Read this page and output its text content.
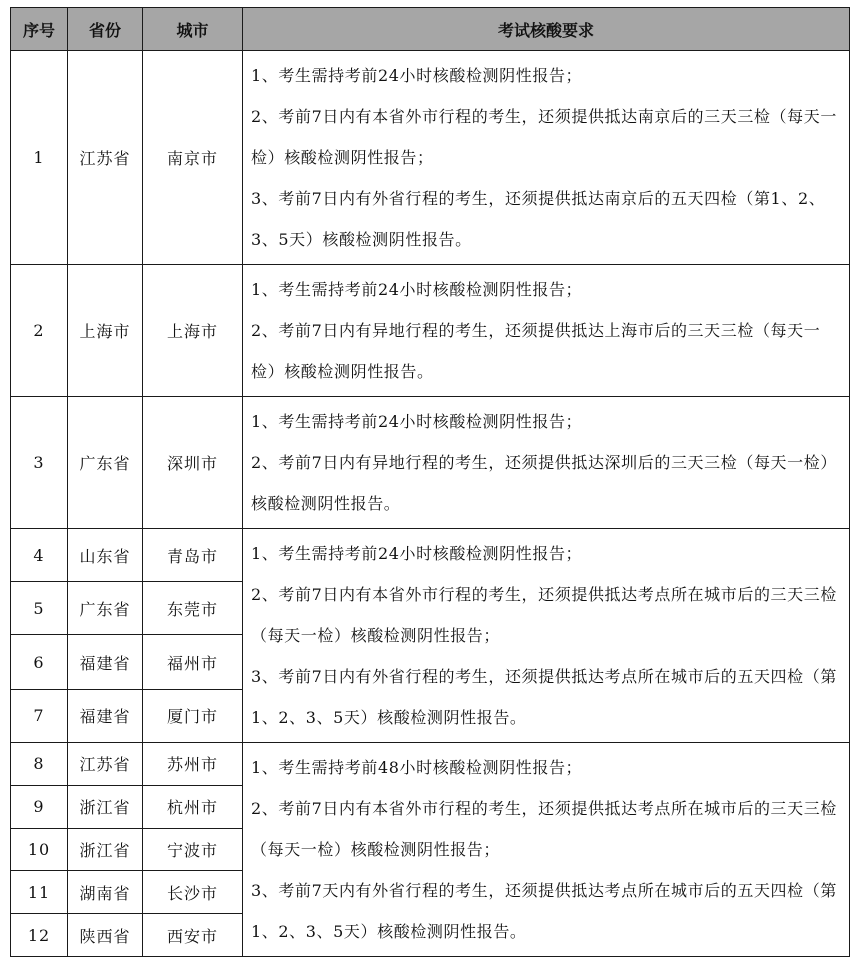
序号	省份	城市	考试核酸要求
1	江苏省	南京市	1、考生需持考前24小时核酸检测阴性报告；

2、考前7日内有本省外市行程的考生，还须提供抵达南京后的三天三检（每天一检）核酸检测阴性报告；

3、考前7日内有外省行程的考生，还须提供抵达南京后的五天四检（第1、2、3、5天）核酸检测阴性报告。

2	上海市	上海市	1、考生需持考前24小时核酸检测阴性报告；

2、考前7日内有异地行程的考生，还须提供抵达上海市后的三天三检（每天一检）核酸检测阴性报告。

3	广东省	深圳市	1、考生需持考前24小时核酸检测阴性报告；

2、考前7日内有异地行程的考生，还须提供抵达深圳后的三天三检（每天一检）核酸检测阴性报告。

4	山东省	青岛市	1、考生需持考前24小时核酸检测阴性报告；

2、考前7日内有本省外市行程的考生，还须提供抵达考点所在城市后的三天三检（每天一检）核酸检测阴性报告；

3、考前7日内有外省行程的考生，还须提供抵达考点所在城市后的五天四检（第1、2、3、5天）核酸检测阴性报告。

5	广东省	东莞市	
6	福建省	福州市	
7	福建省	厦门市	
8	江苏省	苏州市	1、考生需持考前48小时核酸检测阴性报告；

2、考前7日内有本省外市行程的考生，还须提供抵达考点所在城市后的三天三检（每天一检）核酸检测阴性报告；

3、考前7天内有外省行程的考生，还须提供抵达考点所在城市后的五天四检（第1、2、3、5天）核酸检测阴性报告。

9	浙江省	杭州市	
10	浙江省	宁波市	
11	湖南省	长沙市	
12	陕西省	西安市	
